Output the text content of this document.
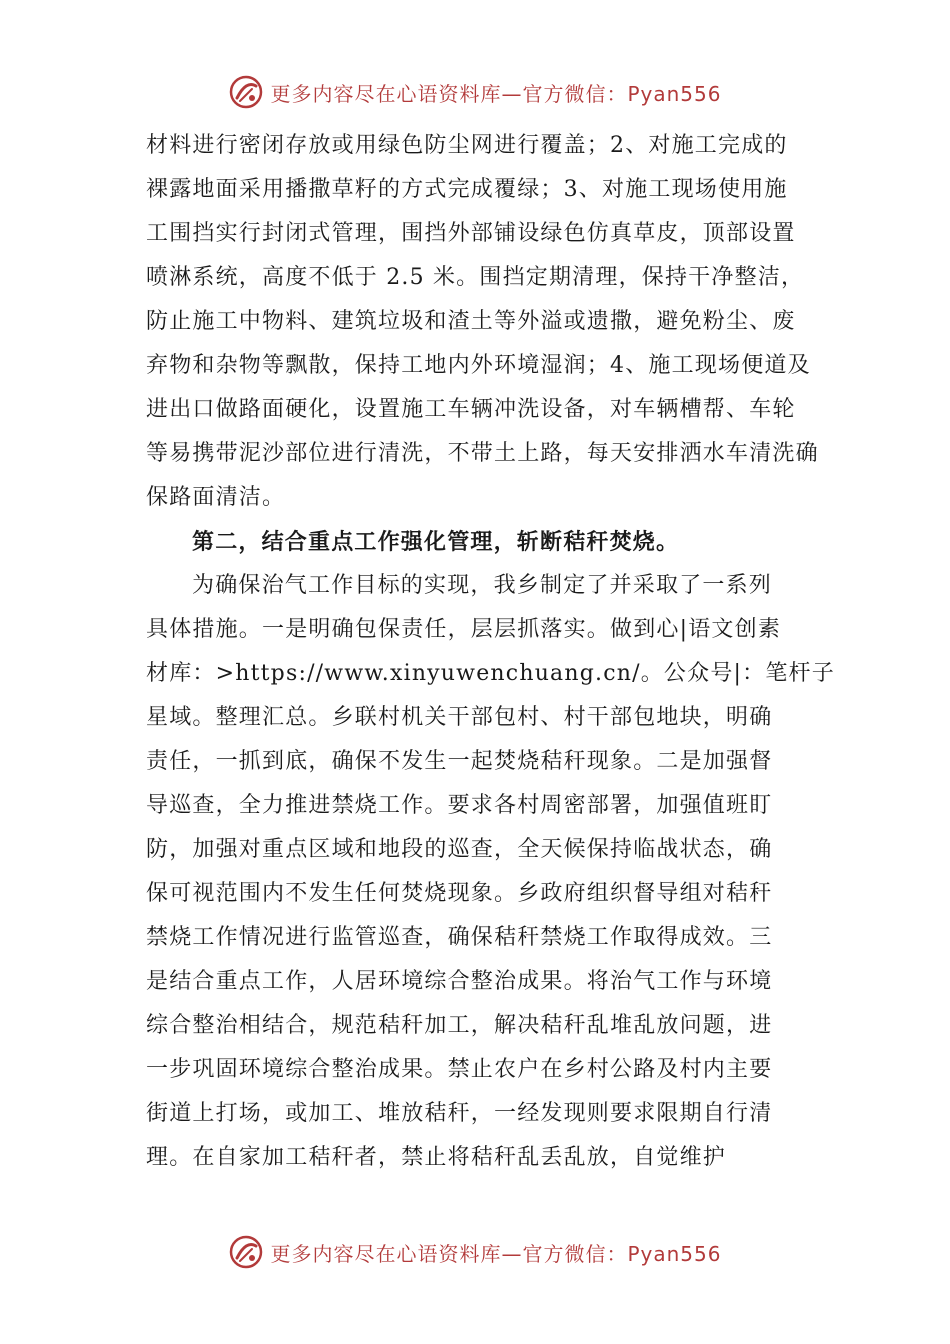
更多内容尽在心语资料库—官方微信：Pyan556
材料进行密闭存放或用绿色防尘网进行覆盖；2、对施工完成的
裸露地面采用播撒草籽的方式完成覆绿；3、对施工现场使用施
工围挡实行封闭式管理，围挡外部铺设绿色仿真草皮，顶部设置
喷淋系统，高度不低于 2.5 米。围挡定期清理，保持干净整洁，
防止施工中物料、建筑垃圾和渣土等外溢或遗撒，避免粉尘、废
弃物和杂物等飘散，保持工地内外环境湿润；4、施工现场便道及
进出口做路面硬化，设置施工车辆冲洗设备，对车辆槽帮、车轮
等易携带泥沙部位进行清洗，不带土上路，每天安排洒水车清洗确
保路面清洁。
第二，结合重点工作强化管理，斩断秸秆焚烧。
为确保治气工作目标的实现，我乡制定了并采取了一系列
具体措施。一是明确包保责任，层层抓落实。做到心|语文创素
材库：>https://www.xinyuwenchuang.cn/。公众号|：笔杆子
星域。整理汇总。乡联村机关干部包村、村干部包地块，明确
责任，一抓到底，确保不发生一起焚烧秸秆现象。二是加强督
导巡查，全力推进禁烧工作。要求各村周密部署，加强值班盯
防，加强对重点区域和地段的巡查，全天候保持临战状态，确
保可视范围内不发生任何焚烧现象。乡政府组织督导组对秸秆
禁烧工作情况进行监管巡查，确保秸秆禁烧工作取得成效。三
是结合重点工作，人居环境综合整治成果。将治气工作与环境
综合整治相结合，规范秸秆加工，解决秸秆乱堆乱放问题，进
一步巩固环境综合整治成果。禁止农户在乡村公路及村内主要
街道上打场，或加工、堆放秸秆，一经发现则要求限期自行清
理。在自家加工秸秆者，禁止将秸秆乱丢乱放，自觉维护
更多内容尽在心语资料库—官方微信：Pyan556
